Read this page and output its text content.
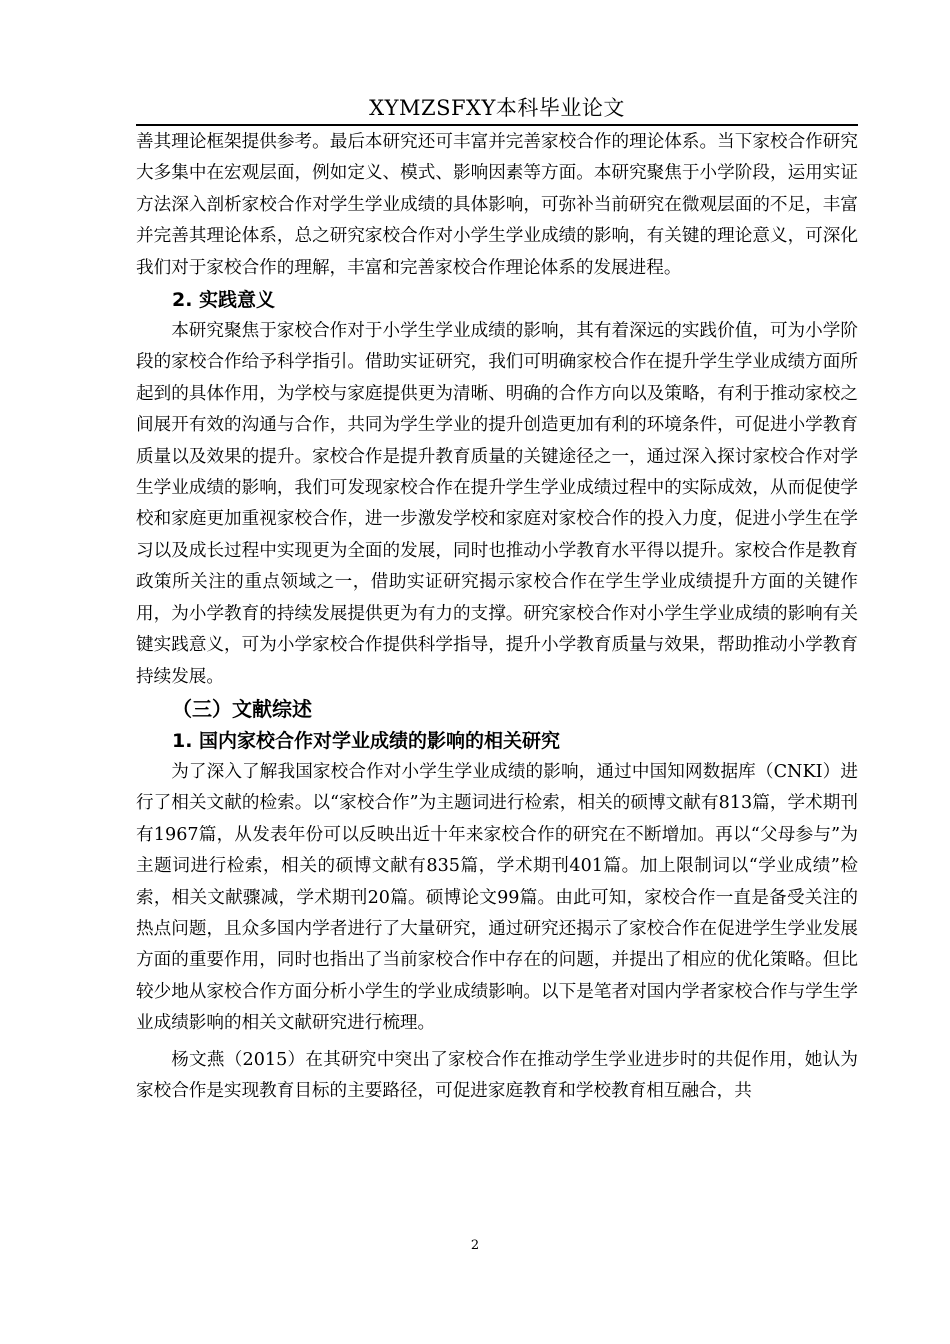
XYMZSFXY本科毕业论文

善其理论框架提供参考。最后本研究还可丰富并完善家校合作的理论体系。当下家校合作研究大多集中在宏观层面，例如定义、模式、影响因素等方面。本研究聚焦于小学阶段，运用实证方法深入剖析家校合作对学生学业成绩的具体影响，可弥补当前研究在微观层面的不足，丰富并完善其理论体系，总之研究家校合作对小学生学业成绩的影响，有关键的理论意义，可深化我们对于家校合作的理解，丰富和完善家校合作理论体系的发展进程。

2. 实践意义

本研究聚焦于家校合作对于小学生学业成绩的影响，其有着深远的实践价值，可为小学阶段的家校合作给予科学指引。借助实证研究，我们可明确家校合作在提升学生学业成绩方面所起到的具体作用，为学校与家庭提供更为清晰、明确的合作方向以及策略，有利于推动家校之间展开有效的沟通与合作，共同为学生学业的提升创造更加有利的环境条件，可促进小学教育质量以及效果的提升。家校合作是提升教育质量的关键途径之一，通过深入探讨家校合作对学生学业成绩的影响，我们可发现家校合作在提升学生学业成绩过程中的实际成效，从而促使学校和家庭更加重视家校合作，进一步激发学校和家庭对家校合作的投入力度，促进小学生在学习以及成长过程中实现更为全面的发展，同时也推动小学教育水平得以提升。家校合作是教育政策所关注的重点领域之一，借助实证研究揭示家校合作在学生学业成绩提升方面的关键作用，为小学教育的持续发展提供更为有力的支撑。研究家校合作对小学生学业成绩的影响有关键实践意义，可为小学家校合作提供科学指导，提升小学教育质量与效果，帮助推动小学教育持续发展。

（三）文献综述
1. 国内家校合作对学业成绩的影响的相关研究

为了深入了解我国家校合作对小学生学业成绩的影响，通过中国知网数据库（CNKI）进行了相关文献的检索。以“家校合作”为主题词进行检索，相关的硕博文献有813篇，学术期刊有1967篇，从发表年份可以反映出近十年来家校合作的研究在不断增加。再以“父母参与”为主题词进行检索，相关的硕博文献有835篇，学术期刊401篇。加上限制词以“学业成绩”检索，相关文献骤减，学术期刊20篇。硕博论文99篇。由此可知，家校合作一直是备受关注的热点问题，且众多国内学者进行了大量研究，通过研究还揭示了家校合作在促进学生学业发展方面的重要作用，同时也指出了当前家校合作中存在的问题，并提出了相应的优化策略。但比较少地从家校合作方面分析小学生的学业成绩影响。以下是笔者对国内学者家校合作与学生学业成绩影响的相关文献研究进行梳理。

杨文燕（2015）在其研究中突出了家校合作在推动学生学业进步时的共促作用，她认为家校合作是实现教育目标的主要路径，可促进家庭教育和学校教育相互融合，共

2
